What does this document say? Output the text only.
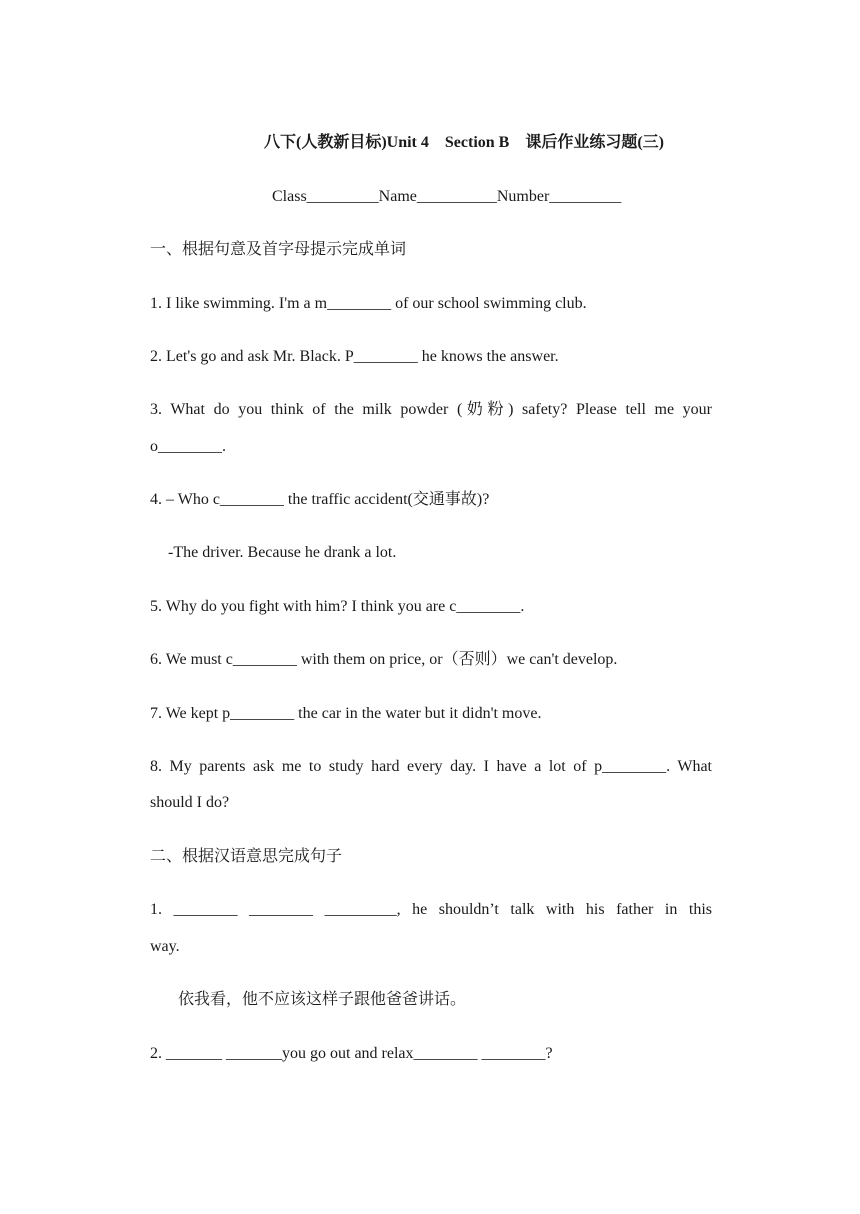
八下(人教新目标)Unit 4　Section B　课后作业练习题(三)
Class_________Name__________Number_________
一、根据句意及首字母提示完成单词
1. I like swimming. I'm a m________ of our school swimming club.
2. Let's go and ask Mr. Black. P________ he knows the answer.
3. What do you think of the milk powder (奶粉) safety? Please tell me your
o________.
4. – Who c________ the traffic accident(交通事故)?
-The driver. Because he drank a lot.
5. Why do you fight with him? I think you are c________.
6. We must c________ with them on price, or（否则）we can't develop.
7. We kept p________ the car in the water but it didn't move.
8. My parents ask me to study hard every day. I have a lot of p________. What
should I do?
二、根据汉语意思完成句子
1. ________ ________ _________, he shouldn’t talk with his father in this
way.
依我看，他不应该这样子跟他爸爸讲话。
2. _______ _______you go out and relax________ ________?
